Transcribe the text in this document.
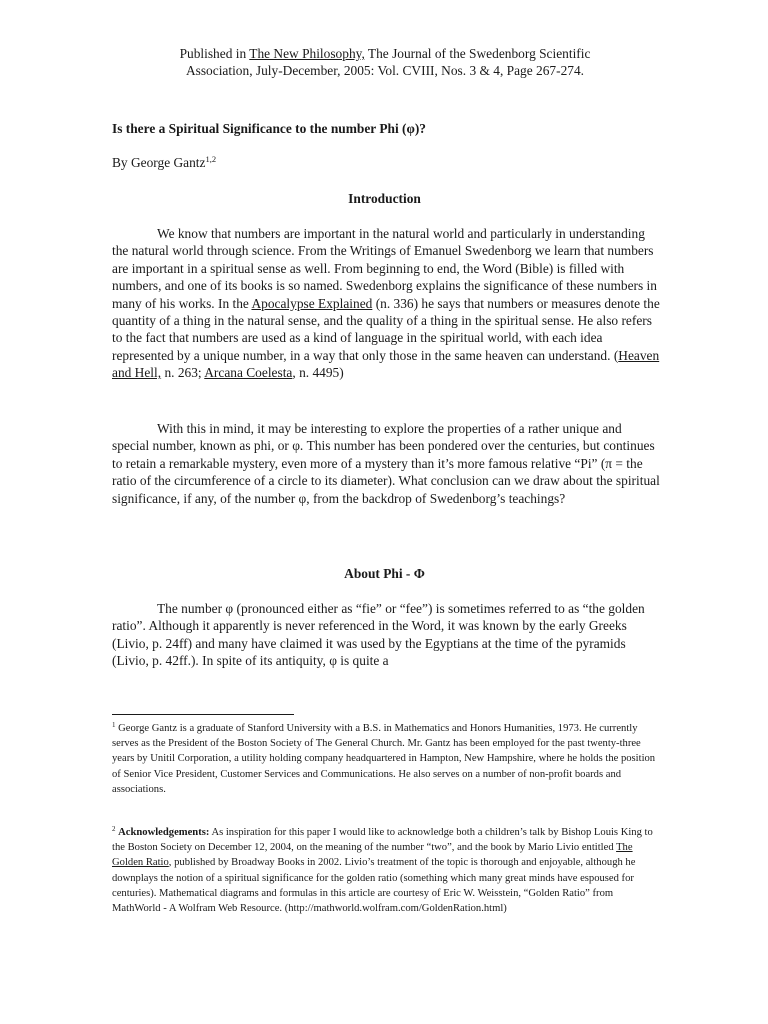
Published in The New Philosophy, The Journal of the Swedenborg Scientific
Association, July-December, 2005: Vol. CVIII, Nos. 3 & 4, Page 267-274.
Is there a Spiritual Significance to the number Phi (φ)?
By George Gantz$^{1,2}$
Introduction

We know that numbers are important in the natural world and particularly in understanding the natural world through science. From the Writings of Emanuel Swedenborg we learn that numbers are important in a spiritual sense as well. From beginning to end, the Word (Bible) is filled with numbers, and one of its books is so named. Swedenborg explains the significance of these numbers in many of his works. In the Apocalypse Explained (n. 336) he says that numbers or measures denote the quantity of a thing in the natural sense, and the quality of a thing in the spiritual sense. He also refers to the fact that numbers are used as a kind of language in the spiritual world, with each idea represented by a unique number, in a way that only those in the same heaven can understand. (Heaven and Hell, n. 263; Arcana Coelesta, n. 4495)

With this in mind, it may be interesting to explore the properties of a rather unique and special number, known as phi, or φ. This number has been pondered over the centuries, but continues to retain a remarkable mystery, even more of a mystery than it’s more famous relative “Pi” (π = the ratio of the circumference of a circle to its diameter). What conclusion can we draw about the spiritual significance, if any, of the number φ, from the backdrop of Swedenborg’s teachings?

About Phi - Φ

The number φ (pronounced either as “fie” or “fee”) is sometimes referred to as “the golden ratio”. Although it apparently is never referenced in the Word, it was known by the early Greeks (Livio, p. 24ff) and many have claimed it was used by the Egyptians at the time of the pyramids (Livio, p. 42ff.). In spite of its antiquity, φ is quite a

$^1$ George Gantz is a graduate of Stanford University with a B.S. in Mathematics and Honors Humanities, 1973. He currently serves as the President of the Boston Society of The General Church. Mr. Gantz has been employed for the past twenty-three years by Unitil Corporation, a utility holding company headquartered in Hampton, New Hampshire, where he holds the position of Senior Vice President, Customer Services and Communications. He also serves on a number of non-profit boards and associations.

$^2$ Acknowledgements: As inspiration for this paper I would like to acknowledge both a children’s talk by Bishop Louis King to the Boston Society on December 12, 2004, on the meaning of the number “two”, and the book by Mario Livio entitled The Golden Ratio, published by Broadway Books in 2002. Livio’s treatment of the topic is thorough and enjoyable, although he downplays the notion of a spiritual significance for the golden ratio (something which many great minds have espoused for centuries). Mathematical diagrams and formulas in this article are courtesy of Eric W. Weisstein, “Golden Ratio” from MathWorld - A Wolfram Web Resource. (http://mathworld.wolfram.com/GoldenRation.html)
